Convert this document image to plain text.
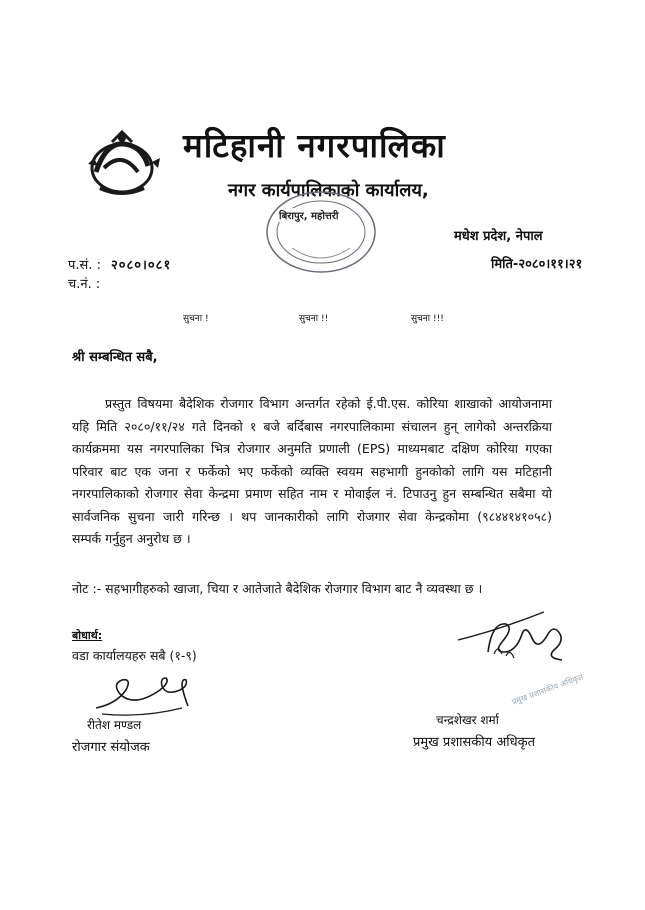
मटिहानी नगरपालिका
नगर कार्यपालिकाको कार्यालय,
बिरापुर, महोत्तरी
मधेश प्रदेश, नेपाल
प.सं. : २०८०।०८१
च.नं. :
मिति-२०८०।११।२१
सुचना !	सुचना !!	सुचना !!!
श्री सम्बन्धित सबै,
प्रस्तुत विषयमा बैदेशिक रोजगार विभाग अन्तर्गत रहेको ई.पी.एस. कोरिया शाखाको आयोजनामा
यहि मिति २०८०/११/२४ गते दिनको १ बजे बर्दिबास नगरपालिकामा संचालन हुन् लागेको अन्तरक्रिया
कार्यक्रममा यस नगरपालिका भित्र रोजगार अनुमति प्रणाली (EPS) माध्यमबाट दक्षिण कोरिया गएका
परिवार बाट एक जना र फर्केको भए फर्केको व्यक्ति स्वयम सहभागी हुनकोको लागि यस मटिहानी
नगरपालिकाको रोजगार सेवा केन्द्रमा प्रमाण सहित नाम र मोवाईल नं. टिपाउनु हुन सम्बन्धित सबैमा यो
सार्वजनिक सुचना जारी गरिन्छ । थप जानकारीको लागि रोजगार सेवा केन्द्रकोमा (९८४४१४१०५८)
सम्पर्क गर्नुहुन अनुरोध छ ।
नोट :- सहभागीहरुको खाजा, चिया र आतेजाते बैदेशिक रोजगार विभाग बाट नै व्यवस्था छ ।
बोधार्थ:
वडा कार्यालयहरु सबै (१-९)
रीतेश मण्डल
रोजगार संयोजक
प्रमुख प्रशासकीय अधिकृत
चन्द्रशेखर शर्मा
प्रमुख प्रशासकीय अधिकृत
